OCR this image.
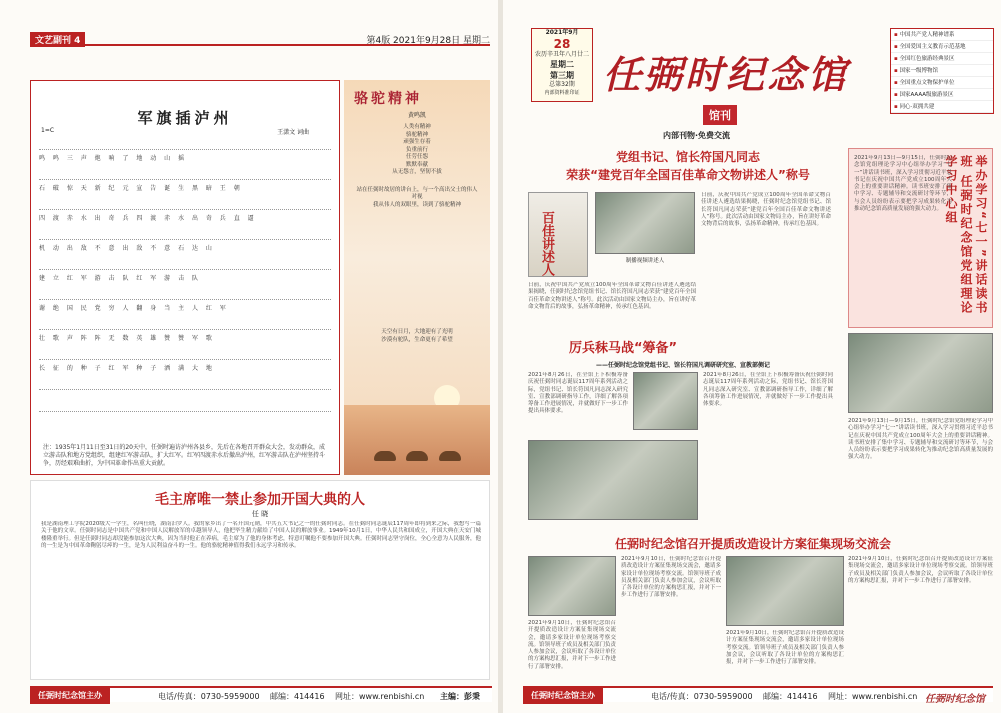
文艺副刊 4	第4版 2021年9月28日 星期二
军旗插泸州
王潇文 词曲
1=C
鸣 鸣 三 声 炮 响 了 地 动 山 摇
石 破 惊 天 新 纪 元 宣 告 诞 生 黑 暗 王 朝
四 渡 赤 水 出 奇 兵 四 渡 赤 水 出 奇 兵 直 逼
机 动 出 敌 不 意 出 敌 不 意 石 达 山
建 立 红 军 游 击 队 红 军 游 击 队
谢 绝 国 民 党 穷 人 翻 身 当 主 人 红 军
壮 歌 声 阵 阵 无 数 英 雄 赞 赞 军 歌
长 征 的 种 子 红 军 种 子 洒 满 大 地
注：1935年1月11日至31日的20天中，任弼时遍访泸州各县乡，先后在各地召开群众大会，发动群众，成立游击队和地方党组织，组建红军游击队，扩大红军。红军四渡赤水后撤出泸州，红军游击队在泸州坚持斗争，历经艰难曲折，为中国革命作出重大贡献。
骆驼精神
黄鸣凯
人类有精神
骆驼精神
顽强生存着
负重前行
任劳任怨
默默奉献
从无怨言，坚韧不拔
站在任弼时故居的讲台上，与一个高出父士的伟人对视
我从伟人的双眼里，读到了骆驼精神
天空有日月，大地迎有了光明
沙漠有驼队，生命更有了希望
毛主席唯一禁止参加开国大典的人
任 晓
我是湖南理工学院2020级大一学生，名叫任晓，湖南汨罗人。我的家乡出了一名开国元勋，中共五大书记之一的任弼时同志。在任弼时同志诞辰117周年即将到来之际，我想写一篇关于他的文章。任弼时同志是中国共产党和中国人民解放军的卓越领导人，他把毕生精力献给了中国人民的解放事业。1949年10月1日，中华人民共和国成立，开国大典在天安门城楼隆重举行。但是任弼时同志却没能参加这次大典，因为当时他正在养病，毛主席为了他的身体考虑，特意叮嘱他不要参加开国大典。任弼时同志坚守岗位，全心全意为人民服务，他的一生是为中国革命鞠躬尽瘁的一生，是为人民利益奋斗的一生。他的骆驼精神值得我们永远学习和传承。
任弼时纪念馆主办	电话/传真：0730-5959000 邮编：414416 网址：www.renbishi.cn 主编：彭秉
2021年9月
28
农历辛丑年八月廿二
星期二
第三期
总第32期
内部资料准印证 任弼时纪念馆
馆刊
内部刊物·免费交流
▪ 中国共产党人精神谱系
▪ 全国爱国主义教育示范基地
▪ 全国红色旅游经典景区
▪ 国家一级博物馆
▪ 全国重点文物保护单位
▪ 国家AAAA级旅游景区
▪ 同心·双拥共建
党组书记、馆长符国凡同志
荣获“建党百年全国百佳革命文物讲述人”称号
百佳讲述人	制播视频讲述人
日前，庆祝中国共产党成立100周年全国革命文物百佳讲述人遴选结果揭晓，任弼时纪念馆党组书记、馆长符国凡同志荣获“建党百年全国百佳革命文物讲述人”称号。此次活动由国家文物局主办，旨在讲好革命文物背后的故事，弘扬革命精神，传承红色基因。
日前，庆祝中国共产党成立100周年全国革命文物百佳讲述人遴选结果揭晓，任弼时纪念馆党组书记、馆长符国凡同志荣获“建党百年全国百佳革命文物讲述人”称号。此次活动由国家文物局主办，旨在讲好革命文物背后的故事，弘扬革命精神，传承红色基因。
厉兵秣马战“筹备”
——任弼时纪念馆党组书记、馆长符国凡调研研究室、宣教部侧记
2021年8月26日，在全馆上下积极筹备庆祝任弼时同志诞辰117周年系列活动之际，党组书记、馆长符国凡同志深入研究室、宣教部调研指导工作，详细了解各项筹备工作进展情况，并就做好下一步工作提出具体要求。
2021年8月26日，在全馆上下积极筹备庆祝任弼时同志诞辰117周年系列活动之际，党组书记、馆长符国凡同志深入研究室、宣教部调研指导工作，详细了解各项筹备工作进展情况，并就做好下一步工作提出具体要求。
任弼时纪念馆召开提质改造设计方案征集现场交流会
2021年9月10日，任弼时纪念馆召开提质改造设计方案征集现场交流会，邀请多家设计单位现场考察交流。馆领导班子成员及相关部门负责人参加会议，会议听取了各设计单位的方案构思汇报，并对下一步工作进行了部署安排。
2021年9月10日，任弼时纪念馆召开提质改造设计方案征集现场交流会，邀请多家设计单位现场考察交流。馆领导班子成员及相关部门负责人参加会议，会议听取了各设计单位的方案构思汇报，并对下一步工作进行了部署安排。
2021年9月10日，任弼时纪念馆召开提质改造设计方案征集现场交流会，邀请多家设计单位现场考察交流。馆领导班子成员及相关部门负责人参加会议，会议听取了各设计单位的方案构思汇报，并对下一步工作进行了部署安排。
举办学习“七一”讲话读书班 任弼时纪念馆党组理论学习中心组
2021年9月13日—9月15日，任弼时纪念馆党组理论学习中心组举办学习“七一”讲话读书班，深入学习贯彻习近平总书记在庆祝中国共产党成立100周年大会上的重要讲话精神。读书班安排了集中学习、专题辅导和交流研讨等环节，与会人员纷纷表示要把学习成果转化为推动纪念馆高质量发展的强大动力。
2021年9月13日—9月15日，任弼时纪念馆党组理论学习中心组举办学习“七一”讲话读书班，深入学习贯彻习近平总书记在庆祝中国共产党成立100周年大会上的重要讲话精神。读书班安排了集中学习、专题辅导和交流研讨等环节，与会人员纷纷表示要把学习成果转化为推动纪念馆高质量发展的强大动力。
2021年9月10日，任弼时纪念馆召开提质改造设计方案征集现场交流会，邀请多家设计单位现场考察交流。馆领导班子成员及相关部门负责人参加会议，会议听取了各设计单位的方案构思汇报，并对下一步工作进行了部署安排。
任弼时纪念馆主办	电话/传真：0730-5959000 邮编：414416 网址：www.renbishi.cn 任弼时纪念馆
